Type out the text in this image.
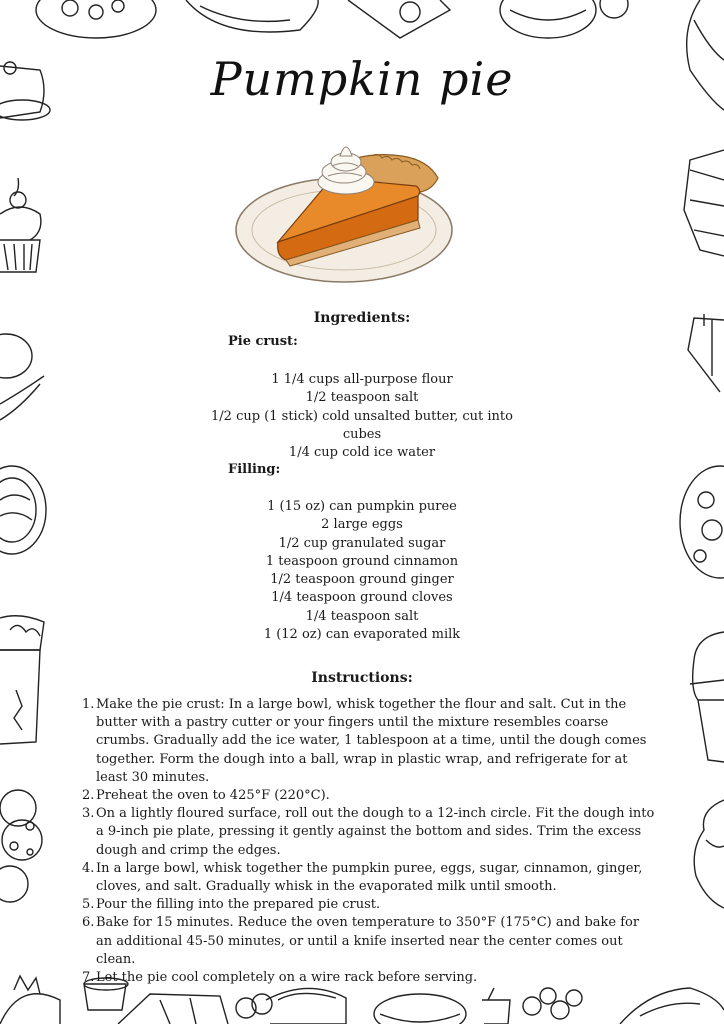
Pumpkin pie
Ingredients:
Pie crust:
1 1/4 cups all-purpose flour
1/2 teaspoon salt
1/2 cup (1 stick) cold unsalted butter, cut into cubes
1/4 cup cold ice water
Filling:
1 (15 oz) can pumpkin puree
2 large eggs
1/2 cup granulated sugar
1 teaspoon ground cinnamon
1/2 teaspoon ground ginger
1/4 teaspoon ground cloves
1/4 teaspoon salt
1 (12 oz) can evaporated milk
Instructions:
1. Make the pie crust: In a large bowl, whisk together the flour and salt. Cut in the butter with a pastry cutter or your fingers until the mixture resembles coarse crumbs. Gradually add the ice water, 1 tablespoon at a time, until the dough comes together. Form the dough into a ball, wrap in plastic wrap, and refrigerate for at least 30 minutes.
2. Preheat the oven to 425°F (220°C).
3. On a lightly floured surface, roll out the dough to a 12-inch circle. Fit the dough into a 9-inch pie plate, pressing it gently against the bottom and sides. Trim the excess dough and crimp the edges.
4. In a large bowl, whisk together the pumpkin puree, eggs, sugar, cinnamon, ginger, cloves, and salt. Gradually whisk in the evaporated milk until smooth.
5. Pour the filling into the prepared pie crust.
6. Bake for 15 minutes. Reduce the oven temperature to 350°F (175°C) and bake for an additional 45-50 minutes, or until a knife inserted near the center comes out clean.
7. Let the pie cool completely on a wire rack before serving.
